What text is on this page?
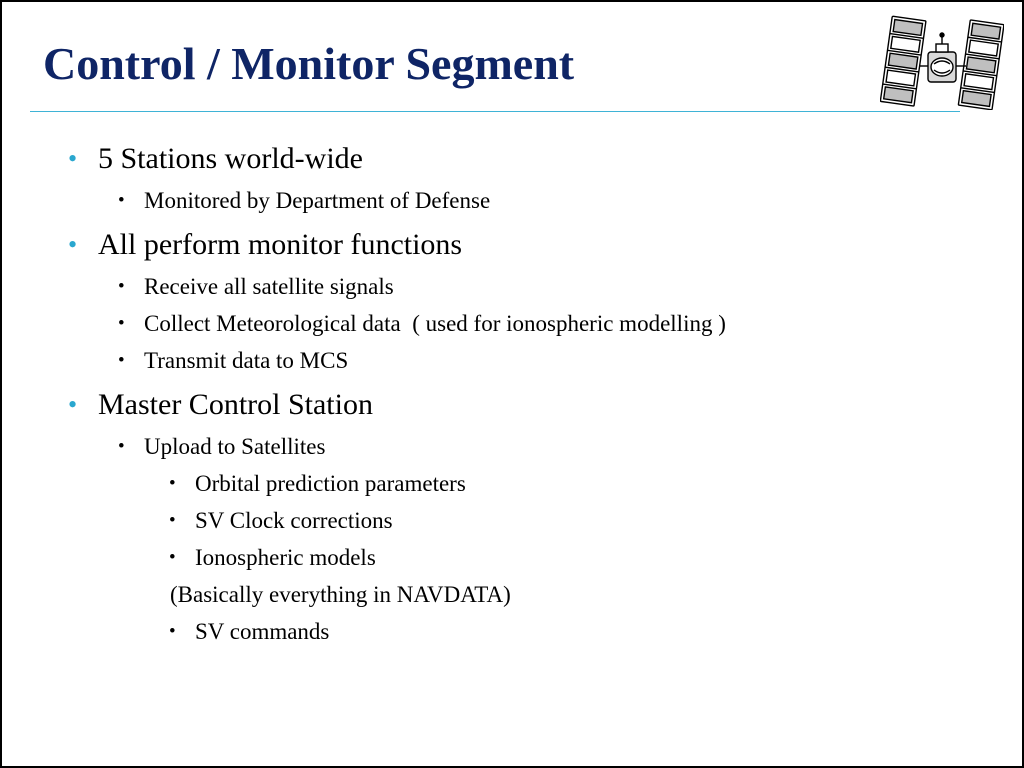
Control / Monitor Segment
• 5 Stations world-wide
• Monitored by Department of Defense
• All perform monitor functions
• Receive all satellite signals
• Collect Meteorological data  ( used for ionospheric modelling )
• Transmit data to MCS
• Master Control Station
• Upload to Satellites
• Orbital prediction parameters
• SV Clock corrections
• Ionospheric models
(Basically everything in NAVDATA)
• SV commands
